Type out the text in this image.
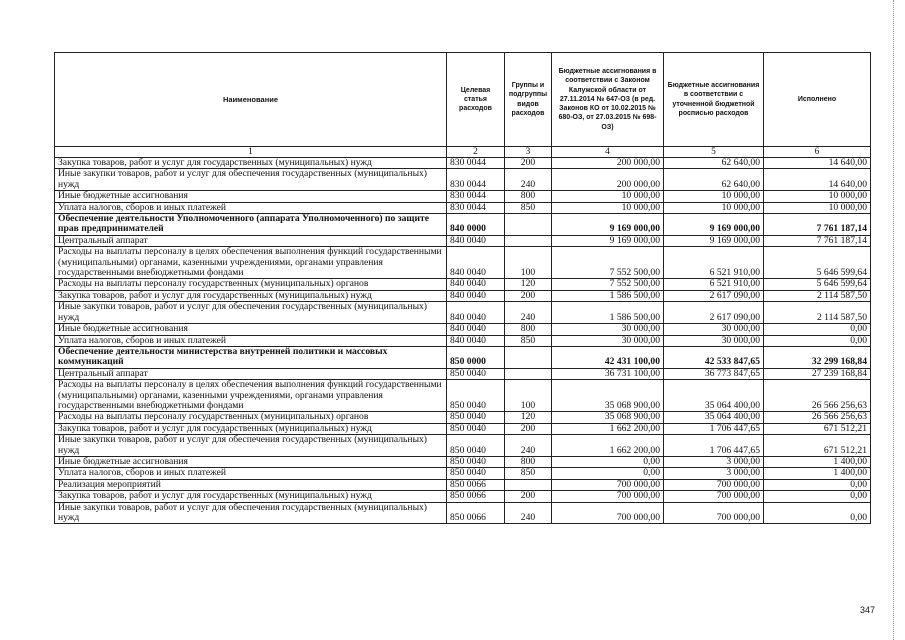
Наименование	Целевая статья расходов	Группы и подгруппы видов расходов	Бюджетные ассигнования в соответствии с Законом Калужской области от 27.11.2014 № 647-ОЗ (в ред. Законов КО от 10.02.2015 № 680-ОЗ, от 27.03.2015 № 698-ОЗ)	Бюджетные ассигнования в соответствии с уточненной бюджетной росписью расходов	Исполнено
1	2	3	4	5	6
Закупка товаров, работ и услуг для государственных (муниципальных) нужд	830 0044	200	200 000,00	62 640,00	14 640,00
Иные закупки товаров, работ и услуг для обеспечения государственных (муниципальных) нужд	830 0044	240	200 000,00	62 640,00	14 640,00
Иные бюджетные ассигнования	830 0044	800	10 000,00	10 000,00	10 000,00
Уплата налогов, сборов и иных платежей	830 0044	850	10 000,00	10 000,00	10 000,00
Обеспечение деятельности Уполномоченного (аппарата Уполномоченного) по защите прав предпринимателей	840 0000		9 169 000,00	9 169 000,00	7 761 187,14
Центральный аппарат	840 0040		9 169 000,00	9 169 000,00	7 761 187,14
Расходы на выплаты персоналу в целях обеспечения выполнения функций государственными (муниципальными) органами, казенными учреждениями, органами управления государственными внебюджетными фондами	840 0040	100	7 552 500,00	6 521 910,00	5 646 599,64
Расходы на выплаты персоналу государственных (муниципальных) органов	840 0040	120	7 552 500,00	6 521 910,00	5 646 599,64
Закупка товаров, работ и услуг для государственных (муниципальных) нужд	840 0040	200	1 586 500,00	2 617 090,00	2 114 587,50
Иные закупки товаров, работ и услуг для обеспечения государственных (муниципальных) нужд	840 0040	240	1 586 500,00	2 617 090,00	2 114 587,50
Иные бюджетные ассигнования	840 0040	800	30 000,00	30 000,00	0,00
Уплата налогов, сборов и иных платежей	840 0040	850	30 000,00	30 000,00	0,00
Обеспечение деятельности министерства внутренней политики и массовых коммуникаций	850 0000		42 431 100,00	42 533 847,65	32 299 168,84
Центральный аппарат	850 0040		36 731 100,00	36 773 847,65	27 239 168,84
Расходы на выплаты персоналу в целях обеспечения выполнения функций государственными (муниципальными) органами, казенными учреждениями, органами управления государственными внебюджетными фондами	850 0040	100	35 068 900,00	35 064 400,00	26 566 256,63
Расходы на выплаты персоналу государственных (муниципальных) органов	850 0040	120	35 068 900,00	35 064 400,00	26 566 256,63
Закупка товаров, работ и услуг для государственных (муниципальных) нужд	850 0040	200	1 662 200,00	1 706 447,65	671 512,21
Иные закупки товаров, работ и услуг для обеспечения государственных (муниципальных) нужд	850 0040	240	1 662 200,00	1 706 447,65	671 512,21
Иные бюджетные ассигнования	850 0040	800	0,00	3 000,00	1 400,00
Уплата налогов, сборов и иных платежей	850 0040	850	0,00	3 000,00	1 400,00
Реализация мероприятий	850 0066		700 000,00	700 000,00	0,00
Закупка товаров, работ и услуг для государственных (муниципальных) нужд	850 0066	200	700 000,00	700 000,00	0,00
Иные закупки товаров, работ и услуг для обеспечения государственных (муниципальных) нужд	850 0066	240	700 000,00	700 000,00	0,00
347
